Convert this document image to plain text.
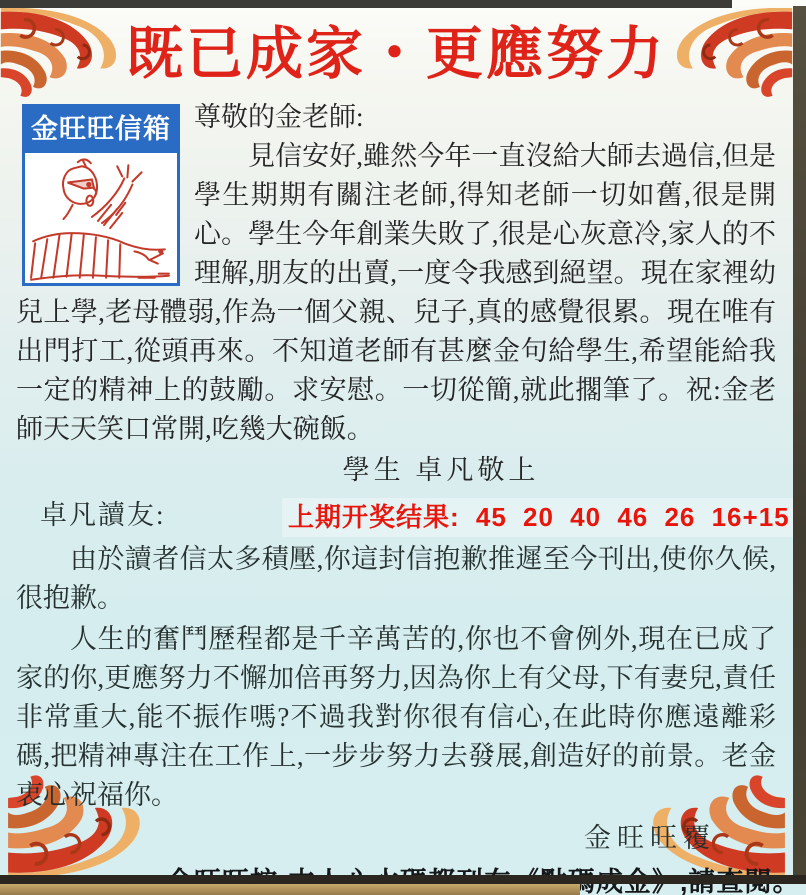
既已成家・更應努力
金旺旺信箱 尊敬的金老師:

見信安好,雖然今年一直沒給大師去過信,但是學生期期有關注老師,得知老師一切如舊,很是開心。學生今年創業失敗了,很是心灰意冷,家人的不理解,朋友的出賣,一度令我感到絕望。現在家裡幼兒上學,老母體弱,作為一個父親、兒子,真的感覺很累。現在唯有出門打工,從頭再來。不知道老師有甚麼金句給學生,希望能給我一定的精神上的鼓勵。求安慰。一切從簡,就此擱筆了。祝:金老師天天笑口常開,吃幾大碗飯。

學生 卓凡敬上
卓凡讀友:	上期开奖结果: 45 20 40 46 26 16+15

由於讀者信太多積壓,你這封信抱歉推遲至今刊出,使你久候,很抱歉。

人生的奮鬥歷程都是千辛萬苦的,你也不會例外,現在已成了家的你,更應努力不懈加倍再努力,因為你上有父母,下有妻兒,責任非常重大,能不振作嗎?不過我對你很有信心,在此時你應遠離彩碼,把精神專注在工作上,一步步努力去發展,創造好的前景。老金衷心祝福你。

金旺旺覆
